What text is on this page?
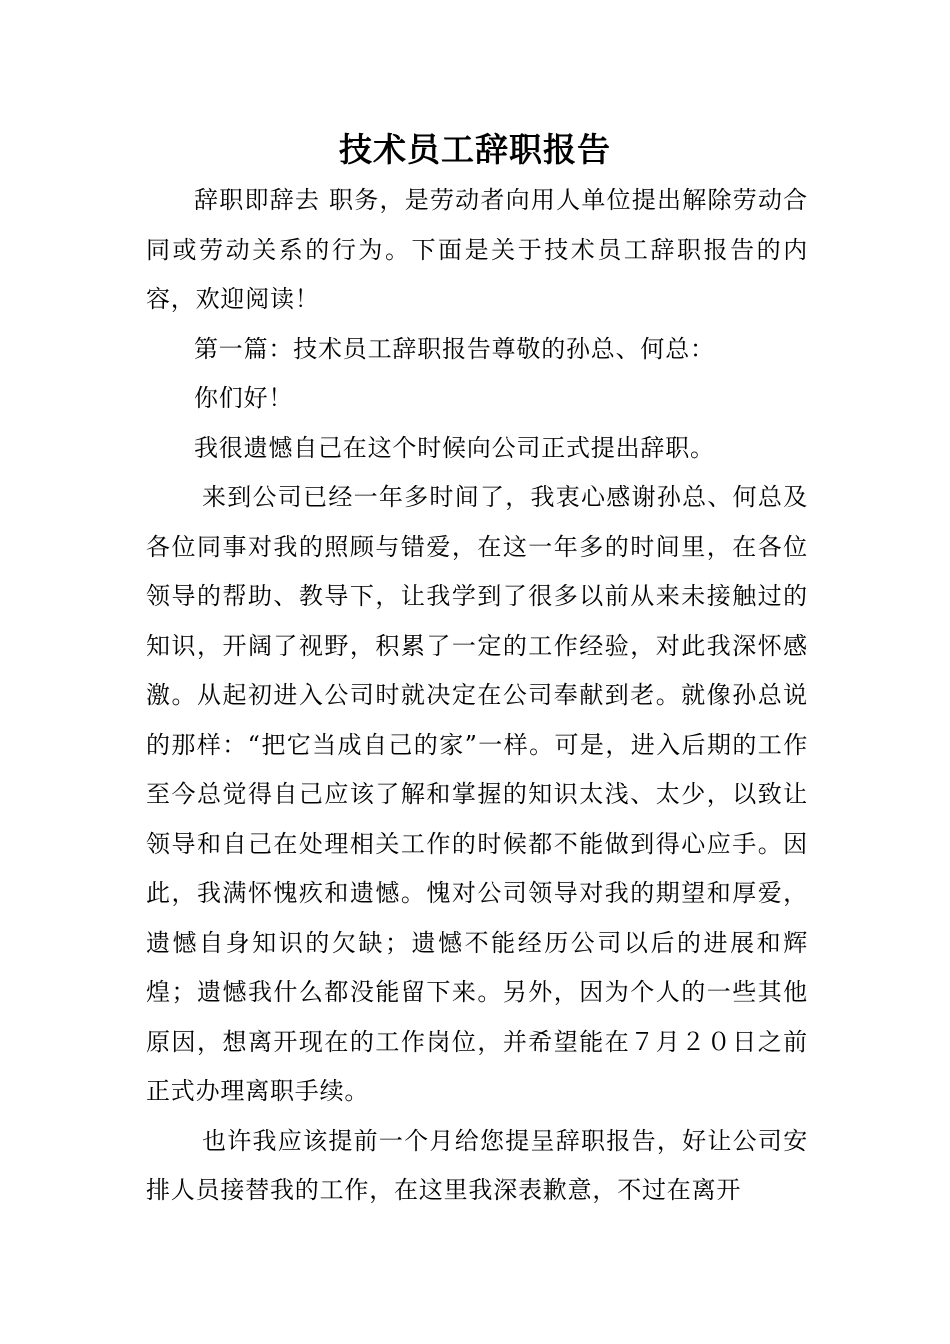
技术员工辞职报告

辞职即辞去 职务，是劳动者向用人单位提出解除劳动合同或劳动关系的行为。下面是关于技术员工辞职报告的内容，欢迎阅读！

第一篇：技术员工辞职报告尊敬的孙总、何总：

你们好！

我很遗憾自己在这个时候向公司正式提出辞职。

来到公司已经一年多时间了，我衷心感谢孙总、何总及各位同事对我的照顾与错爱，在这一年多的时间里，在各位领导的帮助、教导下，让我学到了很多以前从来未接触过的知识，开阔了视野，积累了一定的工作经验，对此我深怀感激。从起初进入公司时就决定在公司奉献到老。就像孙总说的那样：“把它当成自己的家”一样。可是，进入后期的工作至今总觉得自己应该了解和掌握的知识太浅、太少，以致让领导和自己在处理相关工作的时候都不能做到得心应手。因此，我满怀愧疚和遗憾。愧对公司领导对我的期望和厚爱，遗憾自身知识的欠缺；遗憾不能经历公司以后的进展和辉煌；遗憾我什么都没能留下来。另外，因为个人的一些其他原因，想离开现在的工作岗位，并希望能在７月２０日之前正式办理离职手续。

也许我应该提前一个月给您提呈辞职报告，好让公司安排人员接替我的工作，在这里我深表歉意，不过在离开
